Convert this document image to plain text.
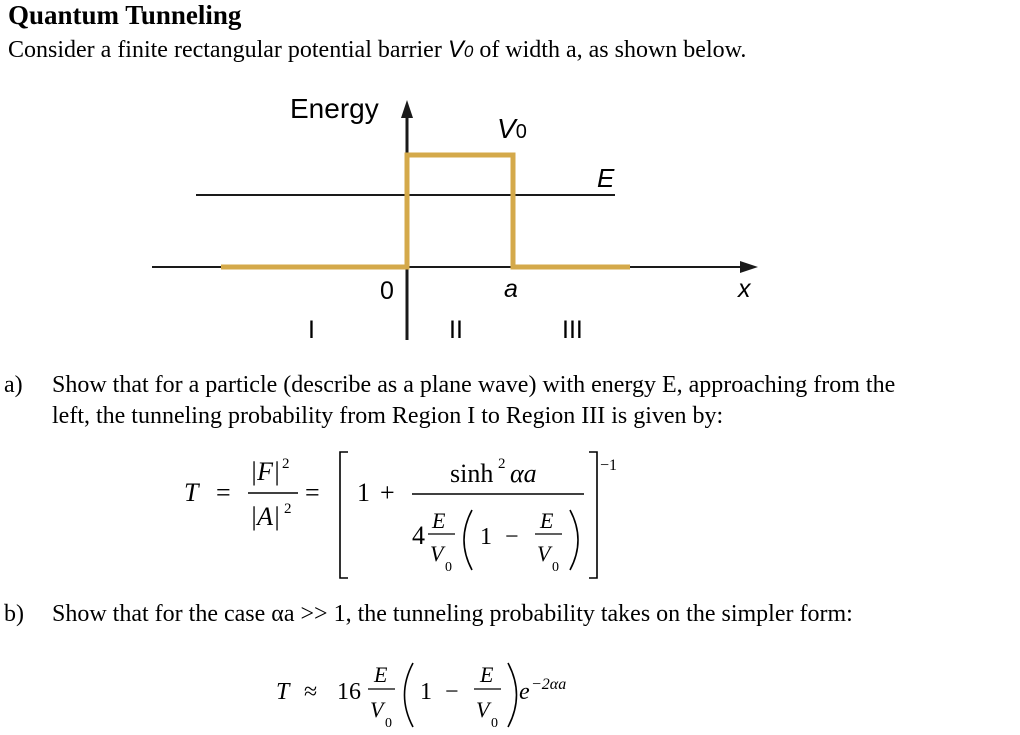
Quantum Tunneling
Consider a finite rectangular potential barrier V0 of width a, as shown below.
Energy
V0
E
0	a	x
I	II	III
a) Show that for a particle (describe as a plane wave) with energy E, approaching from the
left, the tunneling probability from Region I to Region III is given by:
T =
|F| 2
|A| 2
= 1 +
sinh 2 αa
4
E
V
0
1 −
E
V
0
−1
b) Show that for the case αa >> 1, the tunneling probability takes on the simpler form:
T ≈ 16
E
V
0
1 −
E
V
0
e −2αa
